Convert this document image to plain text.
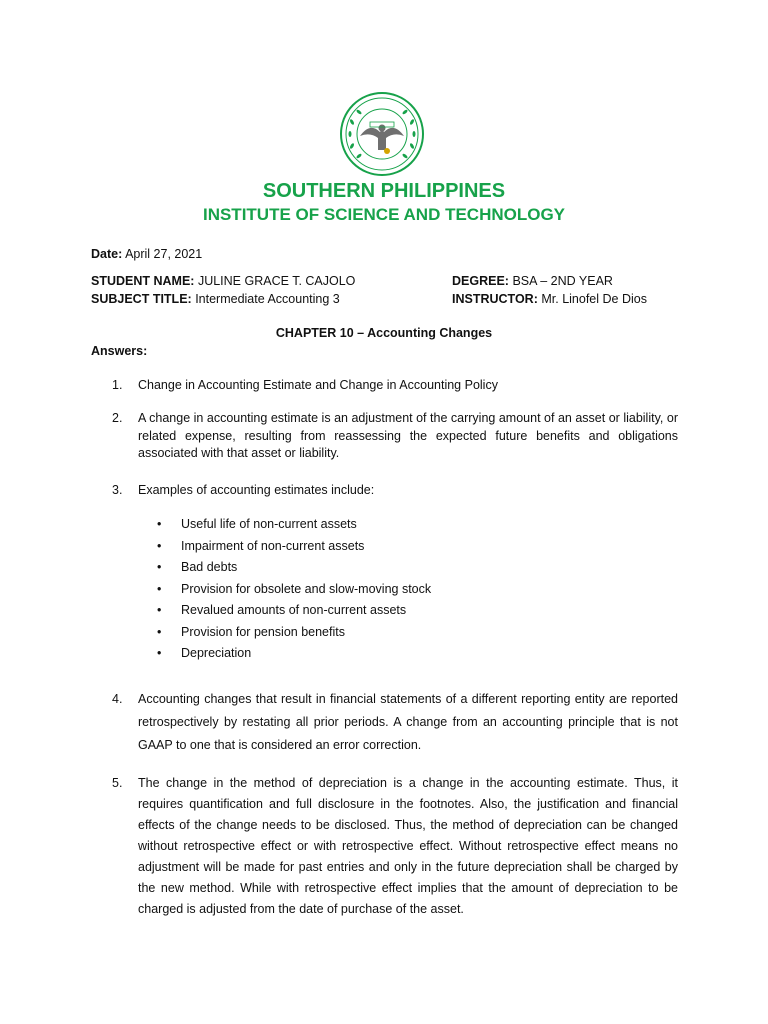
SOUTHERN PHILIPPINES
INSTITUTE OF SCIENCE AND TECHNOLOGY
Date: April 27, 2021
STUDENT NAME: JULINE GRACE T. CAJOLO
SUBJECT TITLE: Intermediate Accounting 3
DEGREE: BSA – 2ND YEAR
INSTRUCTOR: Mr. Linofel De Dios
CHAPTER 10 – Accounting Changes
Answers:
1. Change in Accounting Estimate and Change in Accounting Policy
2. A change in accounting estimate is an adjustment of the carrying amount of an asset or liability, or related expense, resulting from reassessing the expected future benefits and obligations associated with that asset or liability.
3. Examples of accounting estimates include:
• Useful life of non-current assets
• Impairment of non-current assets
• Bad debts
• Provision for obsolete and slow-moving stock
• Revalued amounts of non-current assets
• Provision for pension benefits
• Depreciation
4. Accounting changes that result in financial statements of a different reporting entity are reported retrospectively by restating all prior periods. A change from an accounting principle that is not GAAP to one that is considered an error correction.
5. The change in the method of depreciation is a change in the accounting estimate. Thus, it requires quantification and full disclosure in the footnotes. Also, the justification and financial effects of the change needs to be disclosed. Thus, the method of depreciation can be changed without retrospective effect or with retrospective effect. Without retrospective effect means no adjustment will be made for past entries and only in the future depreciation shall be charged by the new method. While with retrospective effect implies that the amount of depreciation to be charged is adjusted from the date of purchase of the asset.
